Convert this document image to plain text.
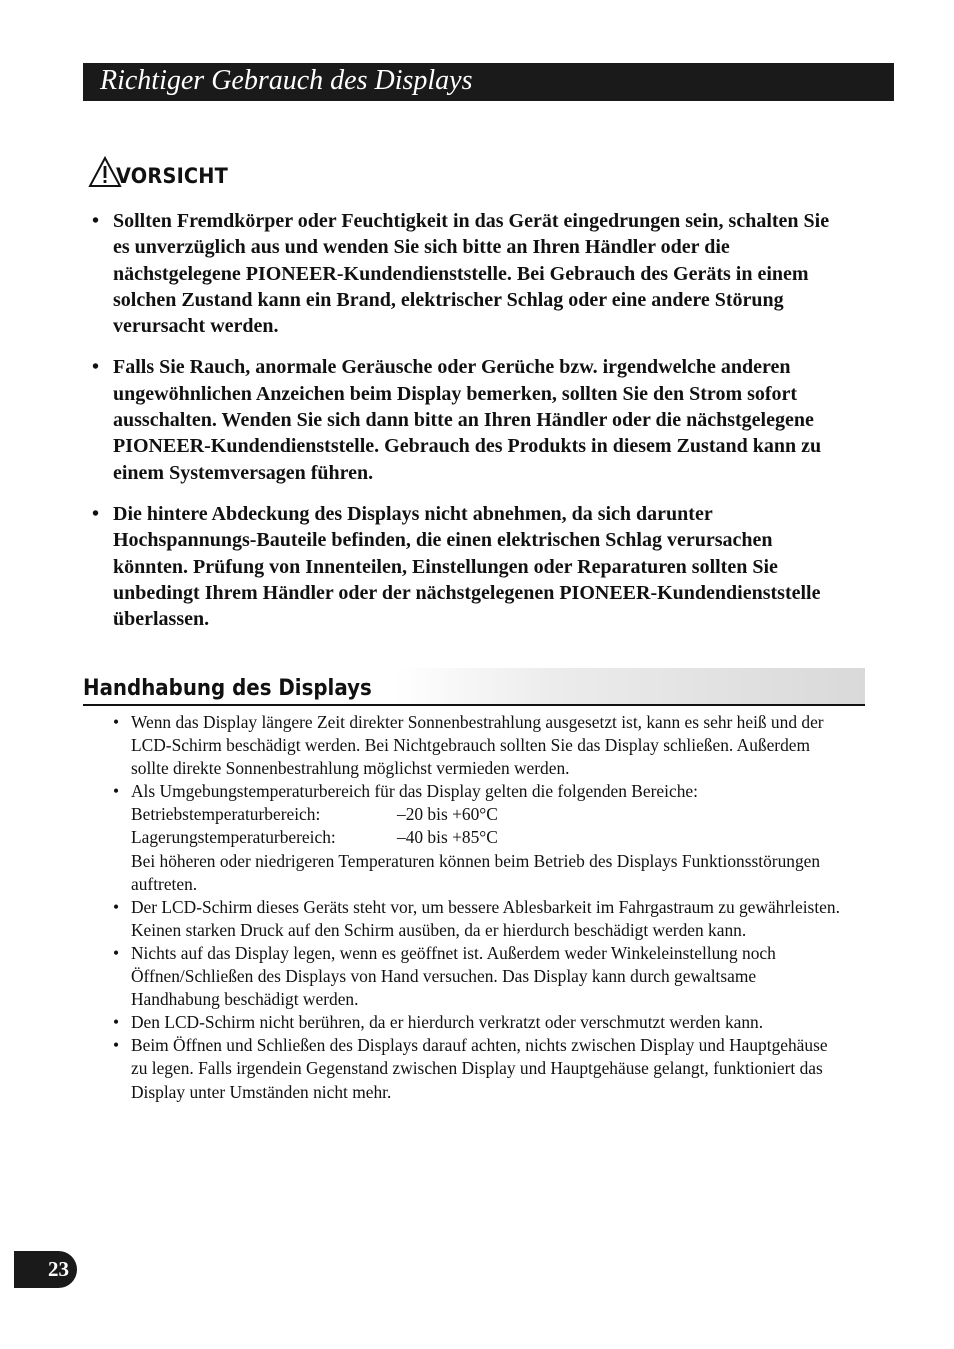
Richtiger Gebrauch des Displays
VORSICHT
• Sollten Fremdkörper oder Feuchtigkeit in das Gerät eingedrungen sein, schalten Sie es unverzüglich aus und wenden Sie sich bitte an Ihren Händler oder die nächstgelegene PIONEER-Kundendienststelle. Bei Gebrauch des Geräts in einem solchen Zustand kann ein Brand, elektrischer Schlag oder eine andere Störung verursacht werden.
• Falls Sie Rauch, anormale Geräusche oder Gerüche bzw. irgendwelche anderen ungewöhnlichen Anzeichen beim Display bemerken, sollten Sie den Strom sofort ausschalten. Wenden Sie sich dann bitte an Ihren Händler oder die nächstgelegene PIONEER-Kundendienststelle. Gebrauch des Produkts in diesem Zustand kann zu einem Systemversagen führen.
• Die hintere Abdeckung des Displays nicht abnehmen, da sich darunter Hochspannungs-Bauteile befinden, die einen elektrischen Schlag verursachen könnten. Prüfung von Innenteilen, Einstellungen oder Reparaturen sollten Sie unbedingt Ihrem Händler oder der nächstgelegenen PIONEER-Kundendienststelle überlassen.
Handhabung des Displays
• Wenn das Display längere Zeit direkter Sonnenbestrahlung ausgesetzt ist, kann es sehr heiß und der LCD-Schirm beschädigt werden. Bei Nichtgebrauch sollten Sie das Display schließen. Außerdem sollte direkte Sonnenbestrahlung möglichst vermieden werden.
• Als Umgebungstemperaturbereich für das Display gelten die folgenden Bereiche:
Betriebstemperaturbereich:	–20 bis +60°C
Lagerungstemperaturbereich:	–40 bis +85°C
Bei höheren oder niedrigeren Temperaturen können beim Betrieb des Displays Funktionsstörungen auftreten.
• Der LCD-Schirm dieses Geräts steht vor, um bessere Ablesbarkeit im Fahrgastraum zu gewährleisten. Keinen starken Druck auf den Schirm ausüben, da er hierdurch beschädigt werden kann.
• Nichts auf das Display legen, wenn es geöffnet ist. Außerdem weder Winkeleinstellung noch Öffnen/Schließen des Displays von Hand versuchen. Das Display kann durch gewaltsame Handhabung beschädigt werden.
• Den LCD-Schirm nicht berühren, da er hierdurch verkratzt oder verschmutzt werden kann.
• Beim Öffnen und Schließen des Displays darauf achten, nichts zwischen Display und Hauptgehäuse zu legen. Falls irgendein Gegenstand zwischen Display und Hauptgehäuse gelangt, funktioniert das Display unter Umständen nicht mehr.
23
